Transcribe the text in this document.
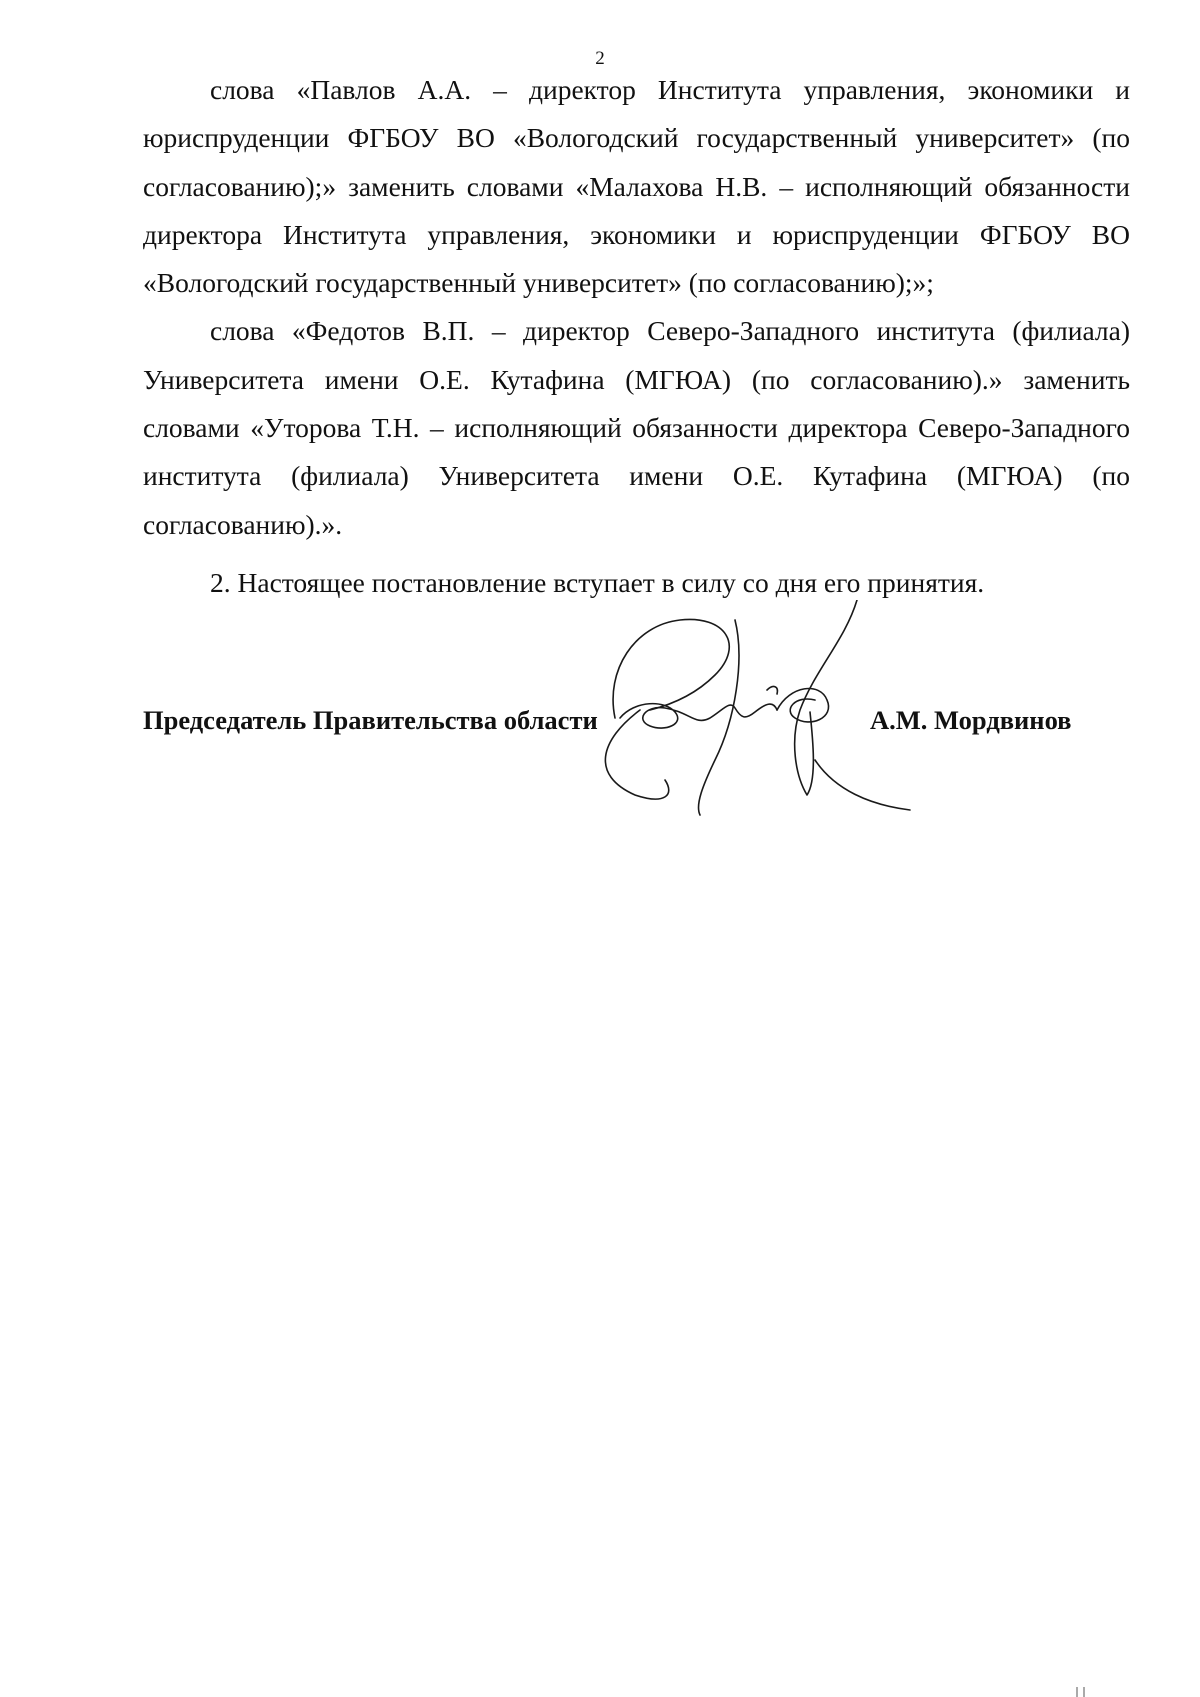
2

слова «Павлов А.А. – директор Института управления, экономики и юриспруденции ФГБОУ ВО «Вологодский государственный университет» (по согласованию);» заменить словами «Малахова Н.В. – исполняющий обязанности директора Института управления, экономики и юриспруденции ФГБОУ ВО «Вологодский государственный университет» (по согласованию);»;

слова «Федотов В.П. – директор Северо-Западного института (филиала) Университета имени О.Е. Кутафина (МГЮА) (по согласованию).» заменить словами «Уторова Т.Н. – исполняющий обязанности директора Северо-Западного института (филиала) Университета имени О.Е. Кутафина (МГЮА) (по согласованию).».

2. Настоящее постановление вступает в силу со дня его принятия.

Председатель Правительства области	А.М. Мордвинов
